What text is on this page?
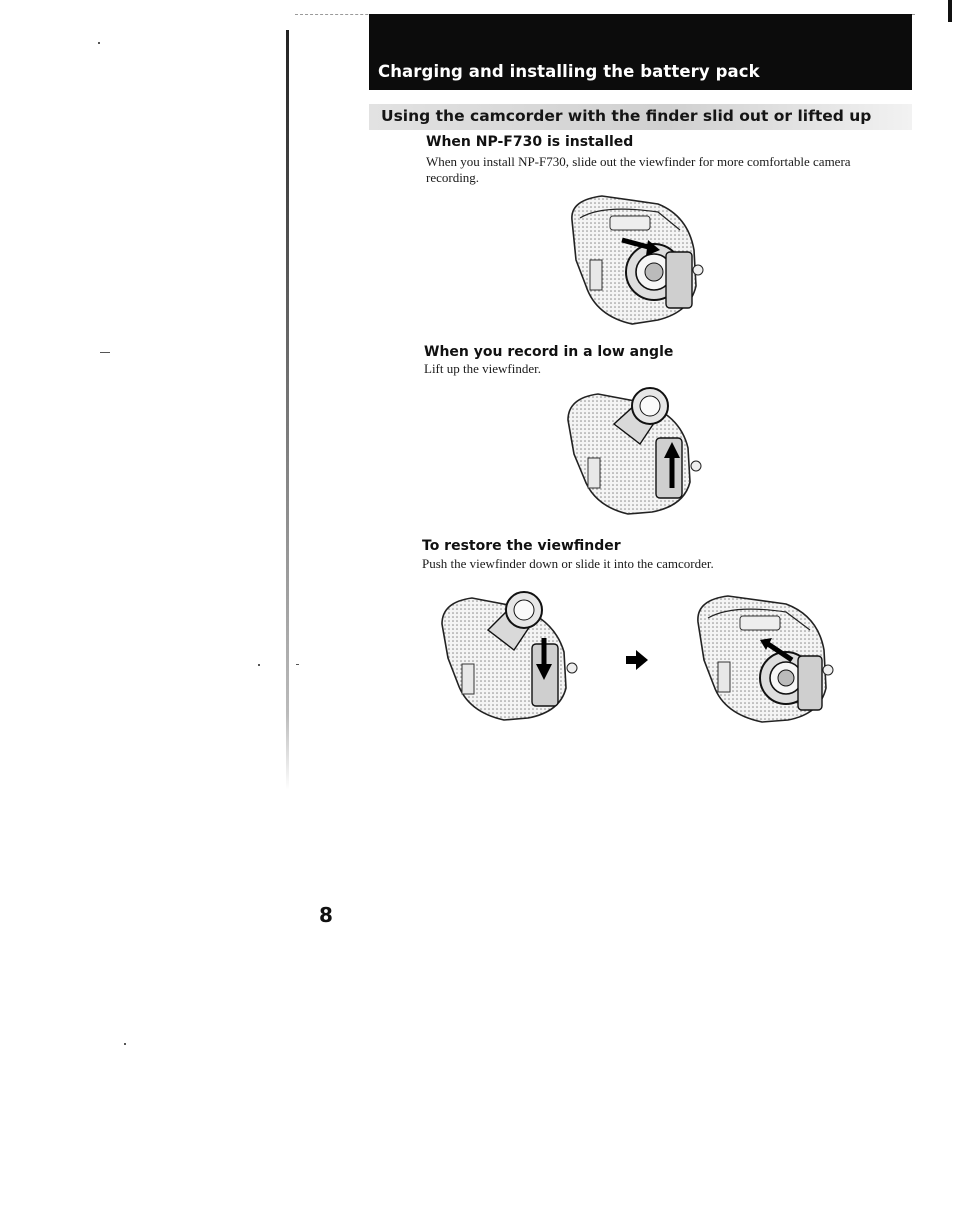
Charging and installing the battery pack
Using the camcorder with the finder slid out or lifted up
When NP-F730 is installed
When you install NP-F730, slide out the viewfinder for more comfortable camera recording.
When you record in a low angle
Lift up the viewfinder.
To restore the viewfinder
Push the viewfinder down or slide it into the camcorder.
8
